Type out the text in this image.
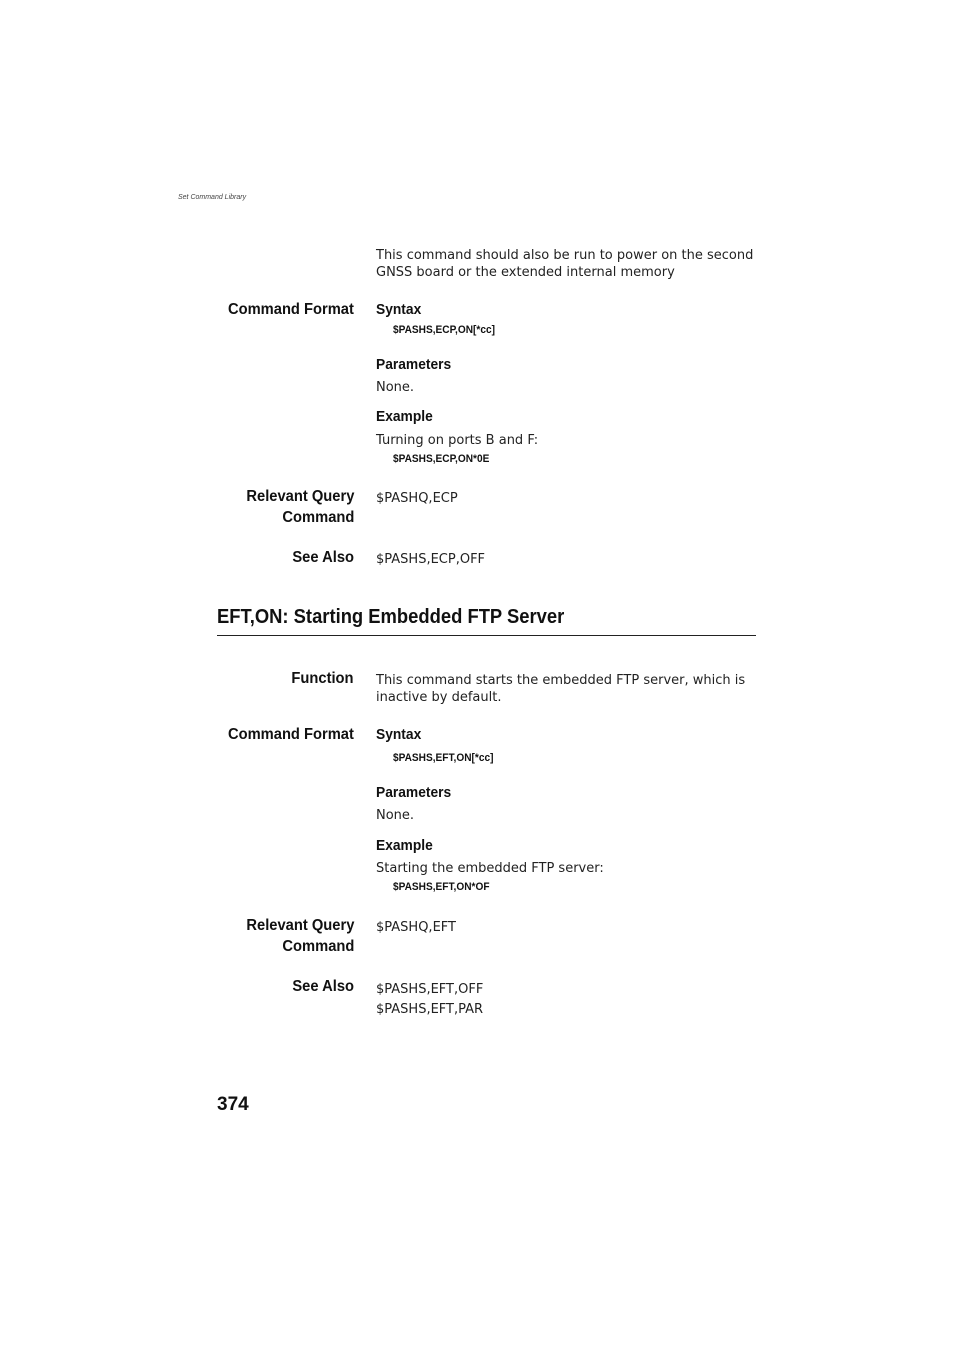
Set Command Library
This command should also be run to power on the second GNSS board or the extended internal memory
Command Format Syntax
$PASHS,ECP,ON[*cc]
Parameters
None.
Example
Turning on ports B and F:
$PASHS,ECP,ON*0E
Relevant Query
Command
$PASHQ,ECP
See Also $PASHS,ECP,OFF
EFT,ON: Starting Embedded FTP Server
Function This command starts the embedded FTP server, which is inactive by default.
Command Format Syntax
$PASHS,EFT,ON[*cc]
Parameters
None.
Example
Starting the embedded FTP server:
$PASHS,EFT,ON*OF
Relevant Query
Command
$PASHQ,EFT
See Also $PASHS,EFT,OFF
$PASHS,EFT,PAR
374
